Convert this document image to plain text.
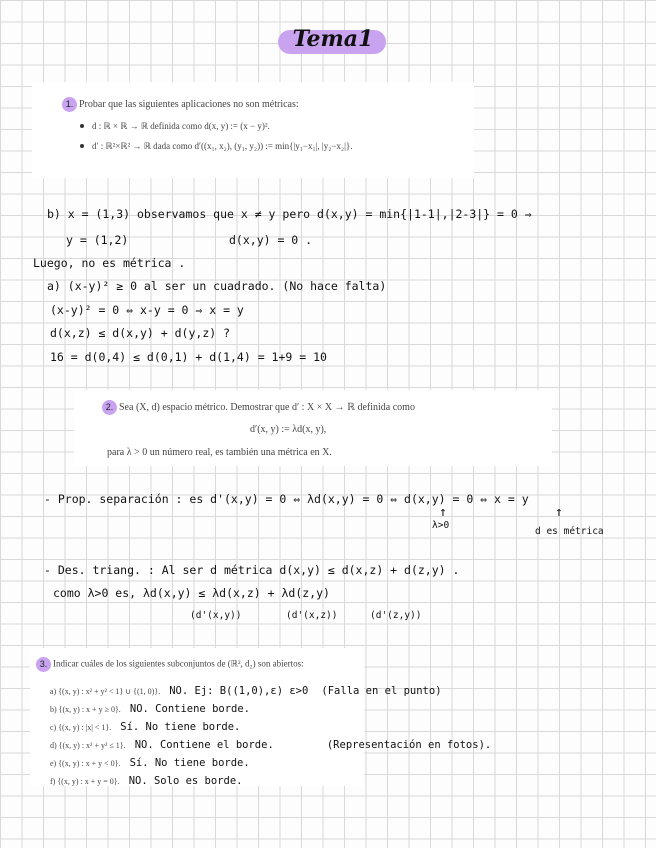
Tema1
1. Probar que las siguientes aplicaciones no son métricas:
d : ℝ × ℝ → ℝ definida como d(x, y) := (x − y)².
d′ : ℝ²×ℝ² → ℝ dada como d′((x₁, x₂), (y₁, y₂)) := min{|y₁−x₁|, |y₂−x₂|}.
b) x = (1,3) observamos que x ≠ y pero d(x,y) = min{|1-1|,|2-3|} = 0 ⇒
y = (1,2)	d(x,y) = 0 .
Luego, no es métrica .
a) (x-y)² ≥ 0 al ser un cuadrado. (No hace falta)
(x-y)² = 0 ⇔ x-y = 0 ⇒ x = y
d(x,z) ≤ d(x,y) + d(y,z) ?
16 = d(0,4) ≤ d(0,1) + d(1,4) = 1+9 = 10
2. Sea (X, d) espacio métrico. Demostrar que d′ : X × X → ℝ definida como
d′(x, y) := λd(x, y),
para λ > 0 un número real, es también una métrica en X.
- Prop. separación : es d'(x,y) = 0 ⇔ λd(x,y) = 0 ⇔ d(x,y) = 0 ⇔ x = y
↑
λ>0
↑
d es métrica
- Des. triang. : Al ser d métrica d(x,y) ≤ d(x,z) + d(z,y) .
como λ>0 es, λd(x,y) ≤ λd(x,z) + λd(z,y)
(d'(x,y))	(d'(x,z))	(d'(z,y))
3. Indicar cuáles de los siguientes subconjuntos de (ℝ², d₂) son abiertos:
a) {(x, y) : x² + y² < 1} ∪ {(1, 0)}. NO. Ej: B((1,0),ε) ε>0 (Falla en el punto)
b) {(x, y) : x + y ≥ 0}. NO. Contiene borde.
c) {(x, y) : |x| < 1}. Sí. No tiene borde.
d) {(x, y) : x² + y² ≤ 1}. NO. Contiene el borde.	(Representación en fotos).
e) {(x, y) : x + y < 0}. Sí. No tiene borde.
f) {(x, y) : x + y = 0}. NO. Solo es borde.
